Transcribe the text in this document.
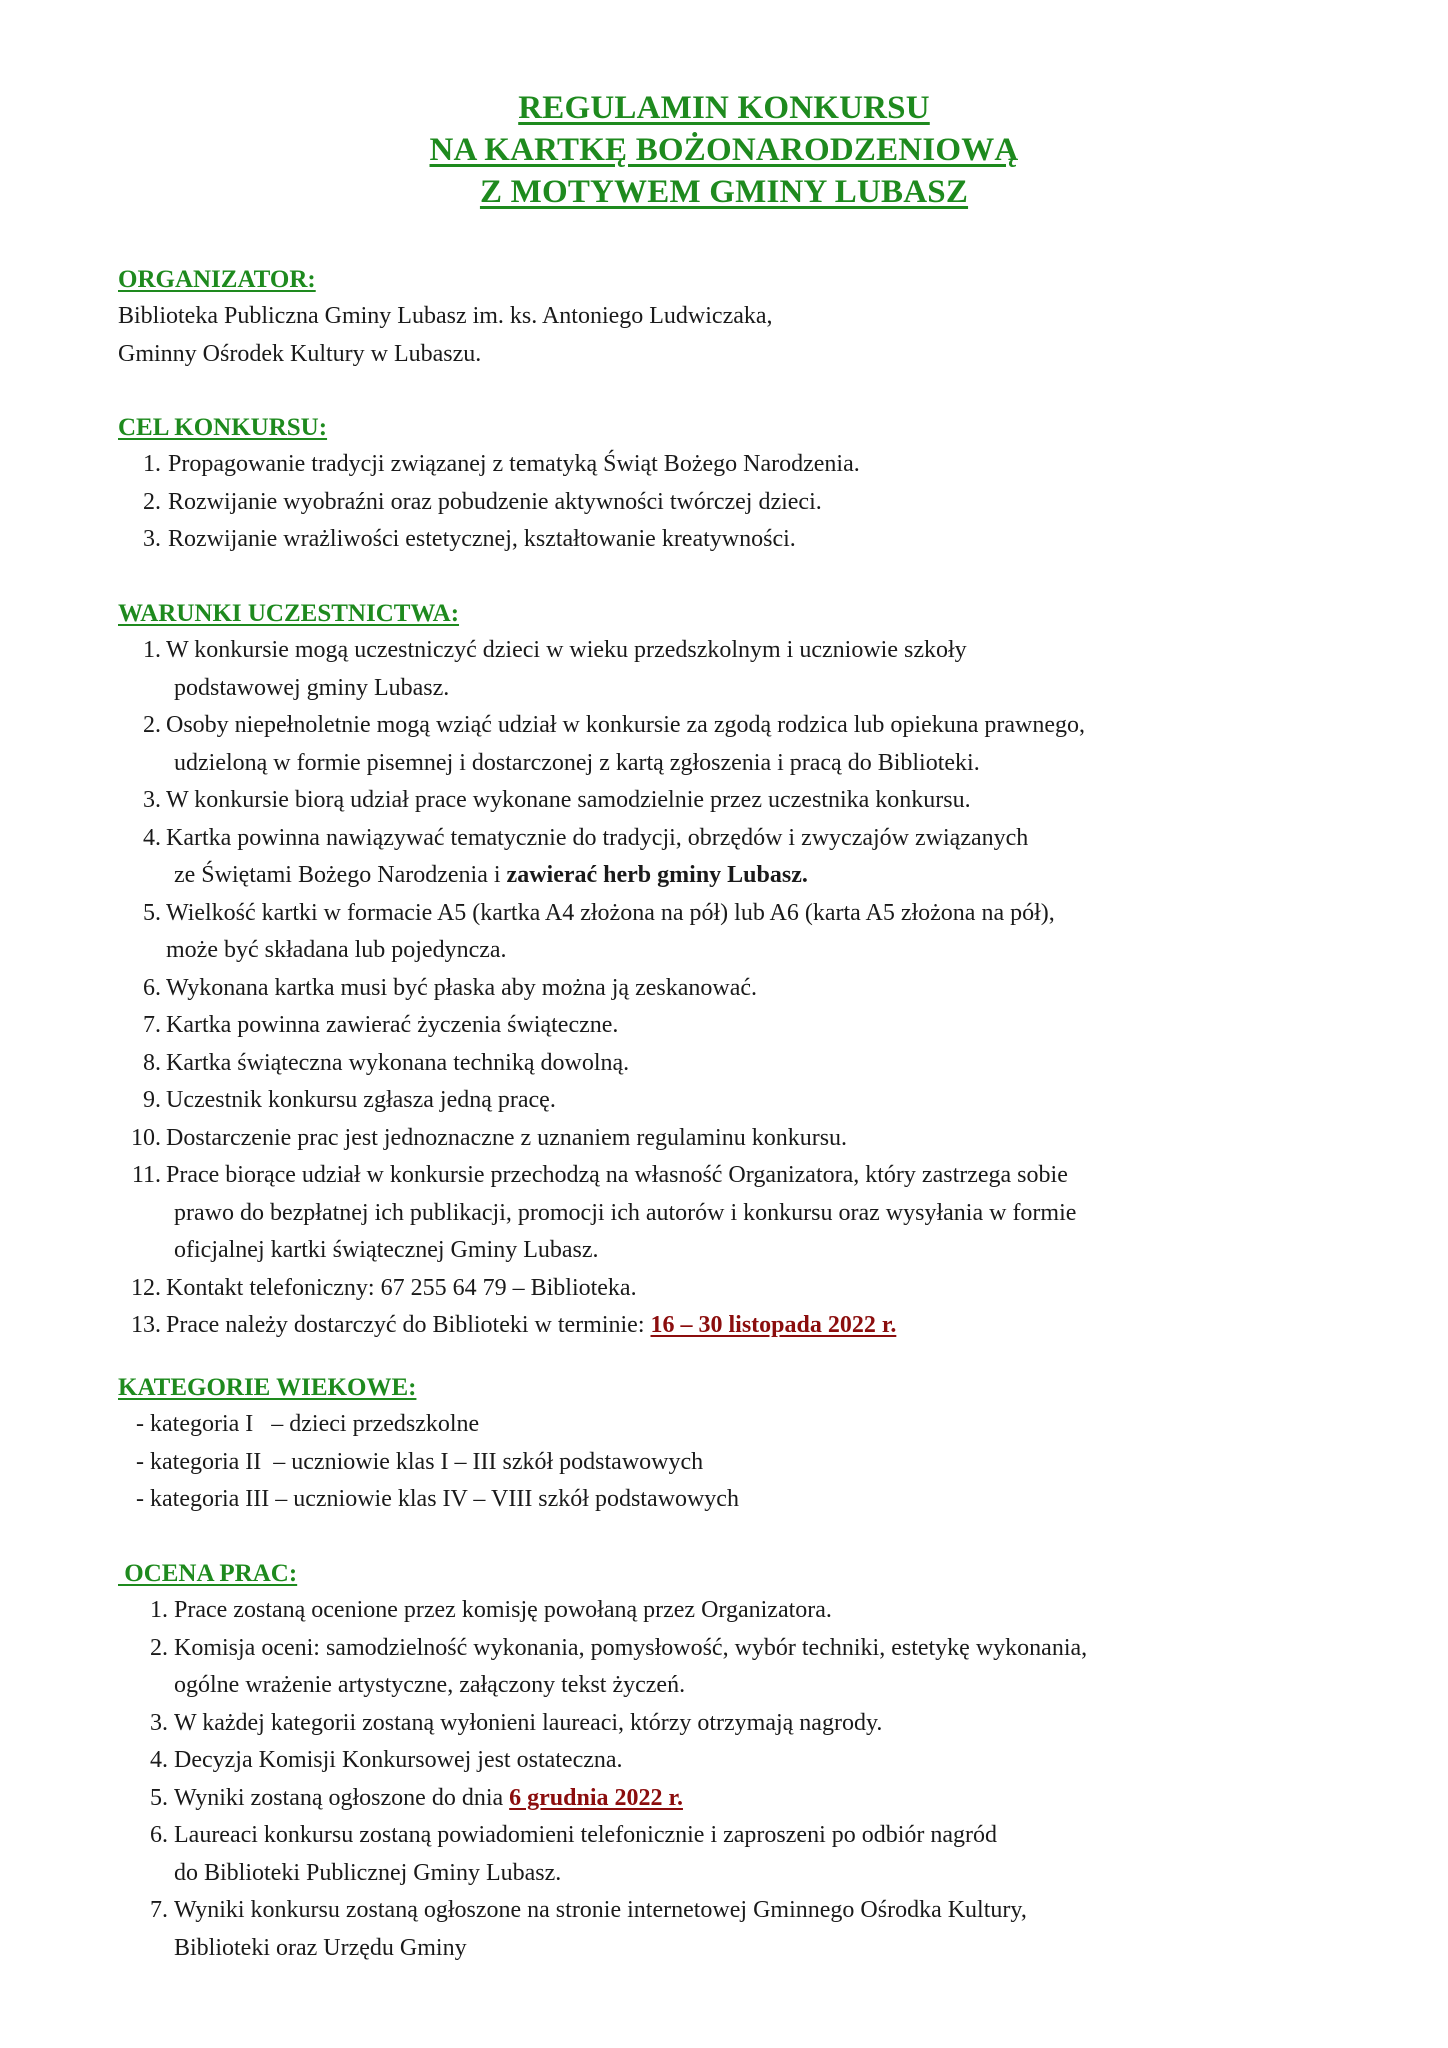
REGULAMIN KONKURSU
NA KARTKĘ BOŻONARODZENIOWĄ
Z MOTYWEM GMINY LUBASZ
ORGANIZATOR:
Biblioteka Publiczna Gminy Lubasz im. ks. Antoniego Ludwiczaka,
Gminny Ośrodek Kultury w Lubaszu.
CEL KONKURSU:
1. Propagowanie tradycji związanej z tematyką Świąt Bożego Narodzenia.
2. Rozwijanie wyobraźni oraz pobudzenie aktywności twórczej dzieci.
3. Rozwijanie wrażliwości estetycznej, kształtowanie kreatywności.
WARUNKI UCZESTNICTWA:
1. W konkursie mogą uczestniczyć dzieci w wieku przedszkolnym i uczniowie szkoły
podstawowej gminy Lubasz.
2. Osoby niepełnoletnie mogą wziąć udział w konkursie za zgodą rodzica lub opiekuna prawnego,
udzieloną w formie pisemnej i dostarczonej z kartą zgłoszenia i pracą do Biblioteki.
3. W konkursie biorą udział prace wykonane samodzielnie przez uczestnika konkursu.
4. Kartka powinna nawiązywać tematycznie do tradycji, obrzędów i zwyczajów związanych
ze Świętami Bożego Narodzenia i zawierać herb gminy Lubasz.
5. Wielkość kartki w formacie A5 (kartka A4 złożona na pół) lub A6 (karta A5 złożona na pół),
może być składana lub pojedyncza.
6. Wykonana kartka musi być płaska aby można ją zeskanować.
7. Kartka powinna zawierać życzenia świąteczne.
8. Kartka świąteczna wykonana techniką dowolną.
9. Uczestnik konkursu zgłasza jedną pracę.
10. Dostarczenie prac jest jednoznaczne z uznaniem regulaminu konkursu.
11. Prace biorące udział w konkursie przechodzą na własność Organizatora, który zastrzega sobie
prawo do bezpłatnej ich publikacji, promocji ich autorów i konkursu oraz wysyłania w formie
oficjalnej kartki świątecznej Gminy Lubasz.
12. Kontakt telefoniczny: 67 255 64 79 – Biblioteka.
13. Prace należy dostarczyć do Biblioteki w terminie: 16 – 30 listopada 2022 r.
KATEGORIE WIEKOWE:
- kategoria I   – dzieci przedszkolne
- kategoria II  – uczniowie klas I – III szkół podstawowych
- kategoria III – uczniowie klas IV – VIII szkół podstawowych
OCENA PRAC:
1. Prace zostaną ocenione przez komisję powołaną przez Organizatora.
2. Komisja oceni: samodzielność wykonania, pomysłowość, wybór techniki, estetykę wykonania,
ogólne wrażenie artystyczne, załączony tekst życzeń.
3. W każdej kategorii zostaną wyłonieni laureaci, którzy otrzymają nagrody.
4. Decyzja Komisji Konkursowej jest ostateczna.
5. Wyniki zostaną ogłoszone do dnia 6 grudnia 2022 r.
6. Laureaci konkursu zostaną powiadomieni telefonicznie i zaproszeni po odbiór nagród
do Biblioteki Publicznej Gminy Lubasz.
7. Wyniki konkursu zostaną ogłoszone na stronie internetowej Gminnego Ośrodka Kultury,
Biblioteki oraz Urzędu Gminy
